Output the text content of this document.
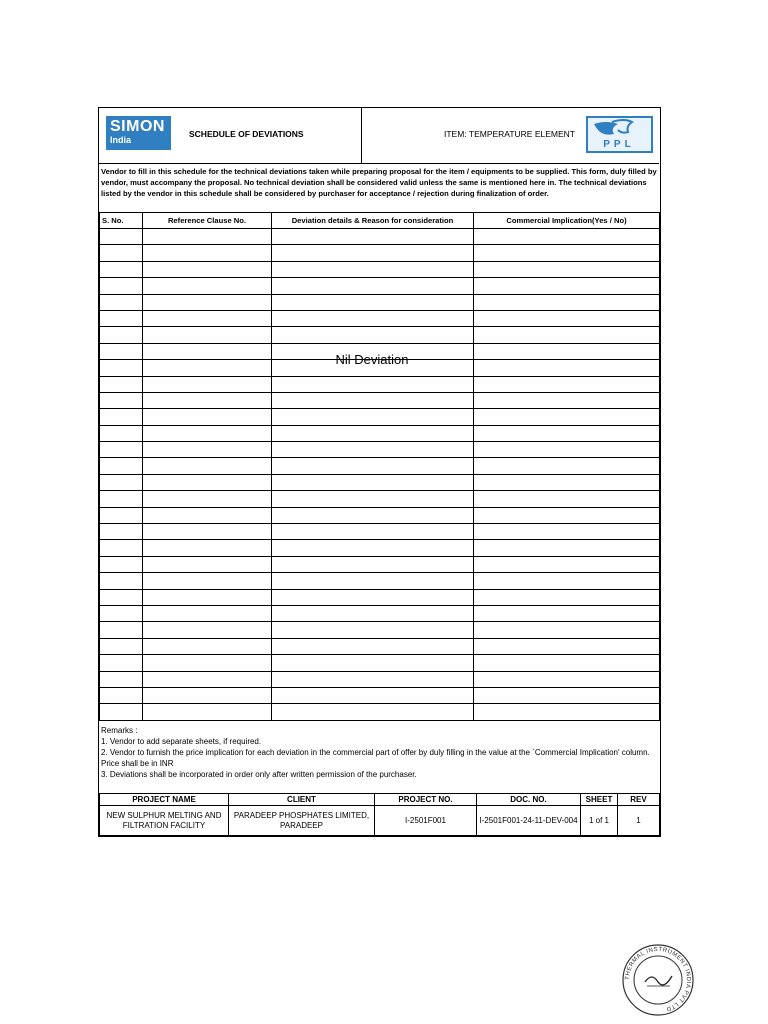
SIMON
India
SCHEDULE OF DEVIATIONS	ITEM: TEMPERATURE ELEMENT
PPL
Vendor to fill in this schedule for the technical deviations taken while preparing proposal for the item / equipments to be supplied. This form, duly filled by vendor, must accompany the proposal. No technical deviation shall be considered valid unless the same is mentioned here in. The technical deviations listed by the vendor in this schedule shall be considered by purchaser for acceptance / rejection during finalization of order.
S. No.	Reference Clause No.	Deviation details & Reason for consideration	Commercial Implication(Yes / No)

Nil Deviation
Remarks :
1. Vendor to add separate sheets, if required.
2. Vendor to furnish the price implication for each deviation in the commercial part of offer by duly filling in the value at the `Commercial Implication' column. Price shall be in INR
3. Deviations shall be incorporated in order only after written permission of the purchaser.
PROJECT NAME	CLIENT	PROJECT NO.	DOC. NO.	SHEET	REV
NEW SULPHUR MELTING AND FILTRATION FACILITY	PARADEEP PHOSPHATES LIMITED, PARADEEP	I-2501F001	I-2501F001-24-11-DEV-004	1 of 1	1
THERMAL INSTRUMENT INDIA PVT LTD
